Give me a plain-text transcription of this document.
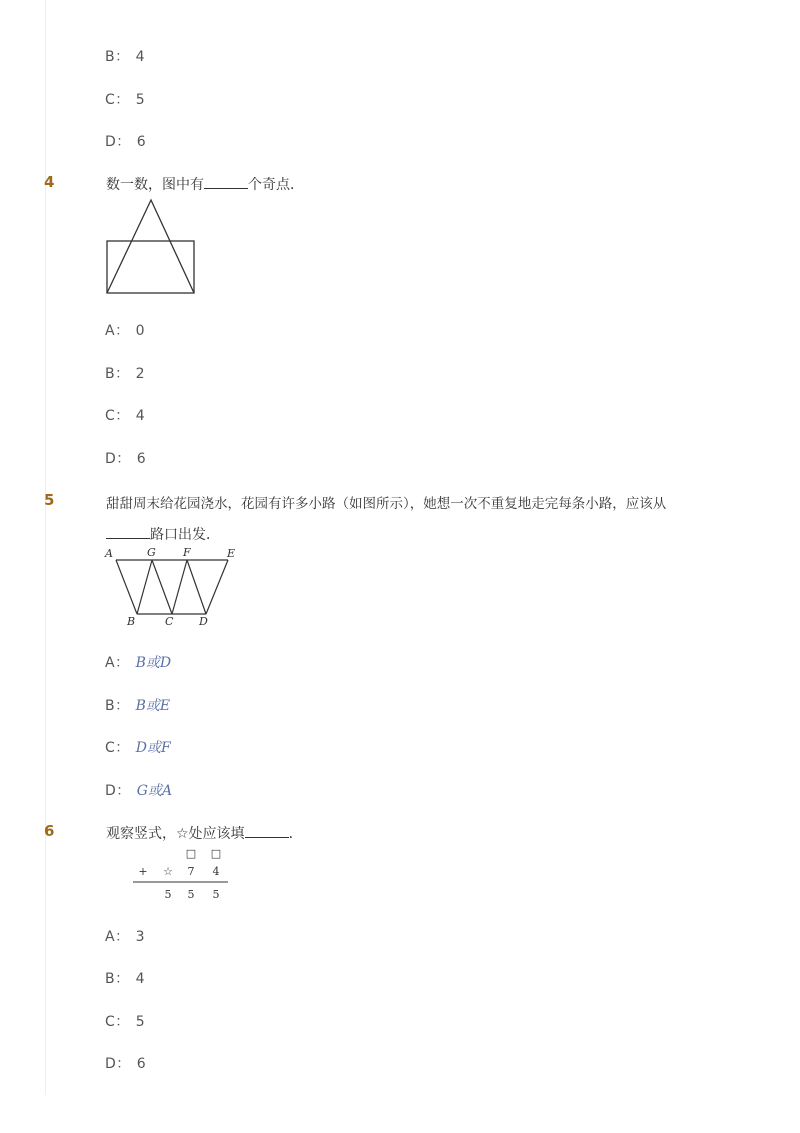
B： 4
C： 5
D： 6
4	数一数，图中有	个奇点．
A： 0
B： 2
C： 4
D： 6
5	甜甜周末给花园浇水，花园有许多小路（如图所示），她想一次不重复地走完每条小路，应该从
路口出发．
A	G F	E
B	C D
A： B或D
B： B或E
C： D或F
D： G或A
6	观察竖式，☆处应该填	．
□ □
+ ☆ 7 4
5 5 5
A： 3
B： 4
C： 5
D： 6
